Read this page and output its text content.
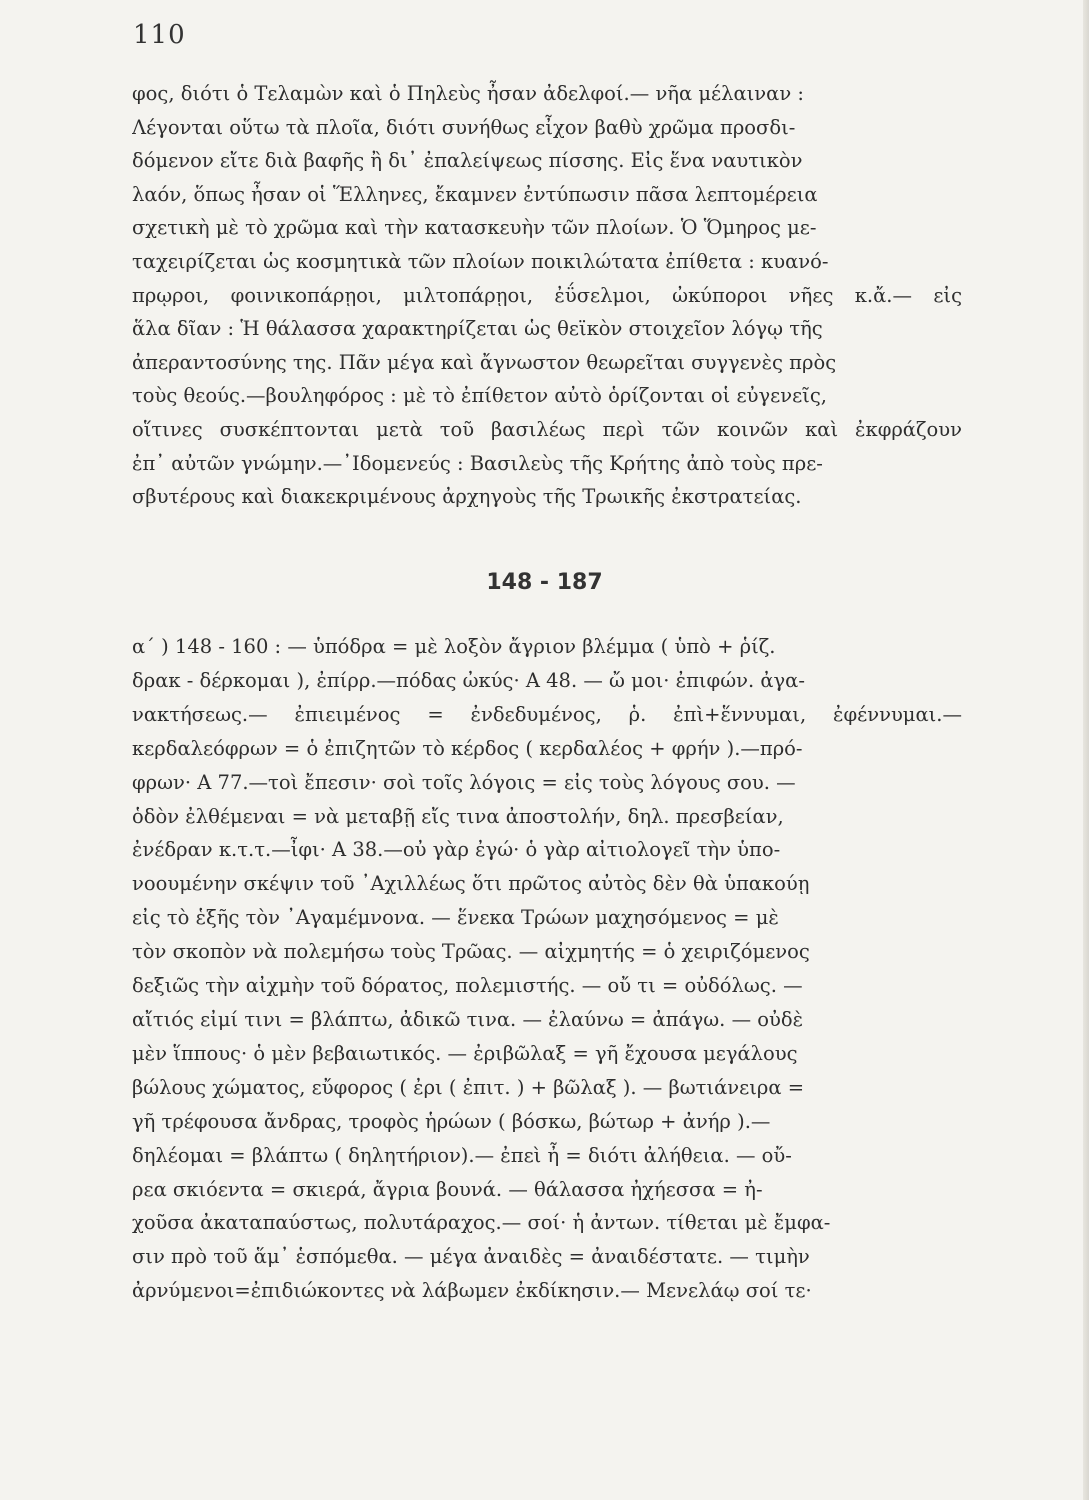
110
φος, διότι ὁ Τελαμὼν καὶ ὁ Πηλεὺς ἦσαν ἀδελφοί.— νῆα μέλαιναν :
Λέγονται οὕτω τὰ πλοῖα, διότι συνήθως εἶχον βαθὺ χρῶμα προσδι-
δόμενον εἴτε διὰ βαφῆς ἢ δι᾿ ἐπαλείψεως πίσσης. Εἰς ἕνα ναυτικὸν
λαόν, ὅπως ἦσαν οἱ Ἕλληνες, ἔκαμνεν ἐντύπωσιν πᾶσα λεπτομέρεια
σχετικὴ μὲ τὸ χρῶμα καὶ τὴν κατασκευὴν τῶν πλοίων. Ὁ Ὅμηρος με-
ταχειρίζεται ὡς κοσμητικὰ τῶν πλοίων ποικιλώτατα ἐπίθετα : κυανό-
πρῳροι, φοινικοπάρῃοι, μιλτοπάρῃοι, ἐΰσελμοι, ὠκύποροι νῆες κ.ἄ.— εἰς
ἅλα δῖαν : Ἡ θάλασσα χαρακτηρίζεται ὡς θεϊκὸν στοιχεῖον λόγῳ τῆς
ἀπεραντοσύνης της. Πᾶν μέγα καὶ ἄγνωστον θεωρεῖται συγγενὲς πρὸς
τοὺς θεούς.—βουληφόρος : μὲ τὸ ἐπίθετον αὐτὸ ὁρίζονται οἱ εὐγενεῖς,
οἵτινες συσκέπτονται μετὰ τοῦ βασιλέως περὶ τῶν κοινῶν καὶ ἐκφράζουν
ἐπ᾿ αὐτῶν γνώμην.—᾿Ιδομενεύς : Βασιλεὺς τῆς Κρήτης ἀπὸ τοὺς πρε-
σβυτέρους καὶ διακεκριμένους ἀρχηγοὺς τῆς Τρωικῆς ἐκστρατείας.
148 - 187
α´ ) 148 - 160 : — ὑπόδρα = μὲ λοξὸν ἄγριον βλέμμα ( ὑπὸ + ῥίζ.
δρακ - δέρκομαι ), ἐπίρρ.—πόδας ὠκύς· Α 48. — ὤ μοι· ἐπιφών. ἀγα-
νακτήσεως.— ἐπιειμένος = ἐνδεδυμένος, ῥ. ἐπὶ+ἕννυμαι, ἐφέννυμαι.—
κερδαλεόφρων = ὁ ἐπιζητῶν τὸ κέρδος ( κερδαλέος + φρήν ).—πρό-
φρων· Α 77.—τοὶ ἔπεσιν· σοὶ τοῖς λόγοις = εἰς τοὺς λόγους σου. —
ὁδὸν ἐλθέμεναι = νὰ μεταβῇ εἴς τινα ἀποστολήν, δηλ. πρεσβείαν,
ἐνέδραν κ.τ.τ.—ἶφι· Α 38.—οὐ γὰρ ἐγώ· ὁ γὰρ αἰτιολογεῖ τὴν ὑπο-
νοουμένην σκέψιν τοῦ ᾿Αχιλλέως ὅτι πρῶτος αὐτὸς δὲν θὰ ὑπακούῃ
εἰς τὸ ἑξῆς τὸν ᾿Αγαμέμνονα. — ἕνεκα Τρώων μαχησόμενος = μὲ
τὸν σκοπὸν νὰ πολεμήσω τοὺς Τρῶας. — αἰχμητής = ὁ χειριζόμενος
δεξιῶς τὴν αἰχμὴν τοῦ δόρατος, πολεμιστής. — οὔ τι = οὐδόλως. —
αἴτιός εἰμί τινι = βλάπτω, ἀδικῶ τινα. — ἐλαύνω = ἀπάγω. — οὐδὲ
μὲν ἵππους· ὁ μὲν βεβαιωτικός. — ἐριβῶλαξ = γῆ ἔχουσα μεγάλους
βώλους χώματος, εὔφορος ( ἐρι ( ἐπιτ. ) + βῶλαξ ). — βωτιάνειρα =
γῆ τρέφουσα ἄνδρας, τροφὸς ἡρώων ( βόσκω, βώτωρ + ἀνήρ ).—
δηλέομαι = βλάπτω ( δηλητήριον).— ἐπεὶ ἦ = διότι ἀλήθεια. — οὔ-
ρεα σκιόεντα = σκιερά, ἄγρια βουνά. — θάλασσα ἠχήεσσα = ἠ-
χοῦσα ἀκαταπαύστως, πολυτάραχος.— σοί· ἡ ἀντων. τίθεται μὲ ἔμφα-
σιν πρὸ τοῦ ἅμ᾿ ἑσπόμεθα. — μέγα ἀναιδὲς = ἀναιδέστατε. — τιμὴν
ἀρνύμενοι=ἐπιδιώκοντες νὰ λάβωμεν ἐκδίκησιν.— Μενελάῳ σοί τε·
